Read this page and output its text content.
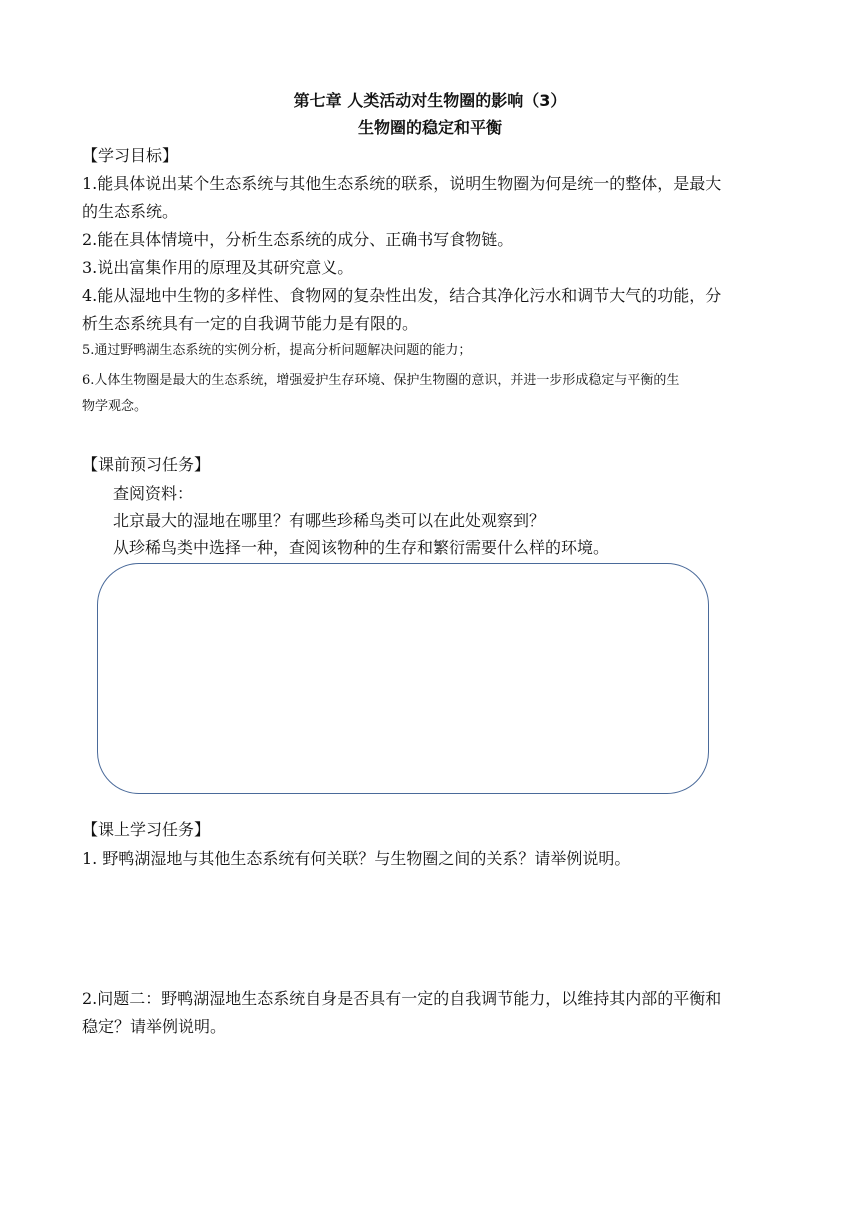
第七章 人类活动对生物圈的影响（3）
生物圈的稳定和平衡
【学习目标】
1.能具体说出某个生态系统与其他生态系统的联系，说明生物圈为何是统一的整体，是最大
的生态系统。
2.能在具体情境中，分析生态系统的成分、正确书写食物链。
3.说出富集作用的原理及其研究意义。
4.能从湿地中生物的多样性、食物网的复杂性出发，结合其净化污水和调节大气的功能，分
析生态系统具有一定的自我调节能力是有限的。
5.通过野鸭湖生态系统的实例分析，提高分析问题解决问题的能力；
6.人体生物圈是最大的生态系统，增强爱护生存环境、保护生物圈的意识，并进一步形成稳定与平衡的生
物学观念。
【课前预习任务】
查阅资料：
北京最大的湿地在哪里？有哪些珍稀鸟类可以在此处观察到？
从珍稀鸟类中选择一种，查阅该物种的生存和繁衍需要什么样的环境。
【课上学习任务】
1. 野鸭湖湿地与其他生态系统有何关联？与生物圈之间的关系？请举例说明。
2.问题二：野鸭湖湿地生态系统自身是否具有一定的自我调节能力，以维持其内部的平衡和
稳定？请举例说明。
